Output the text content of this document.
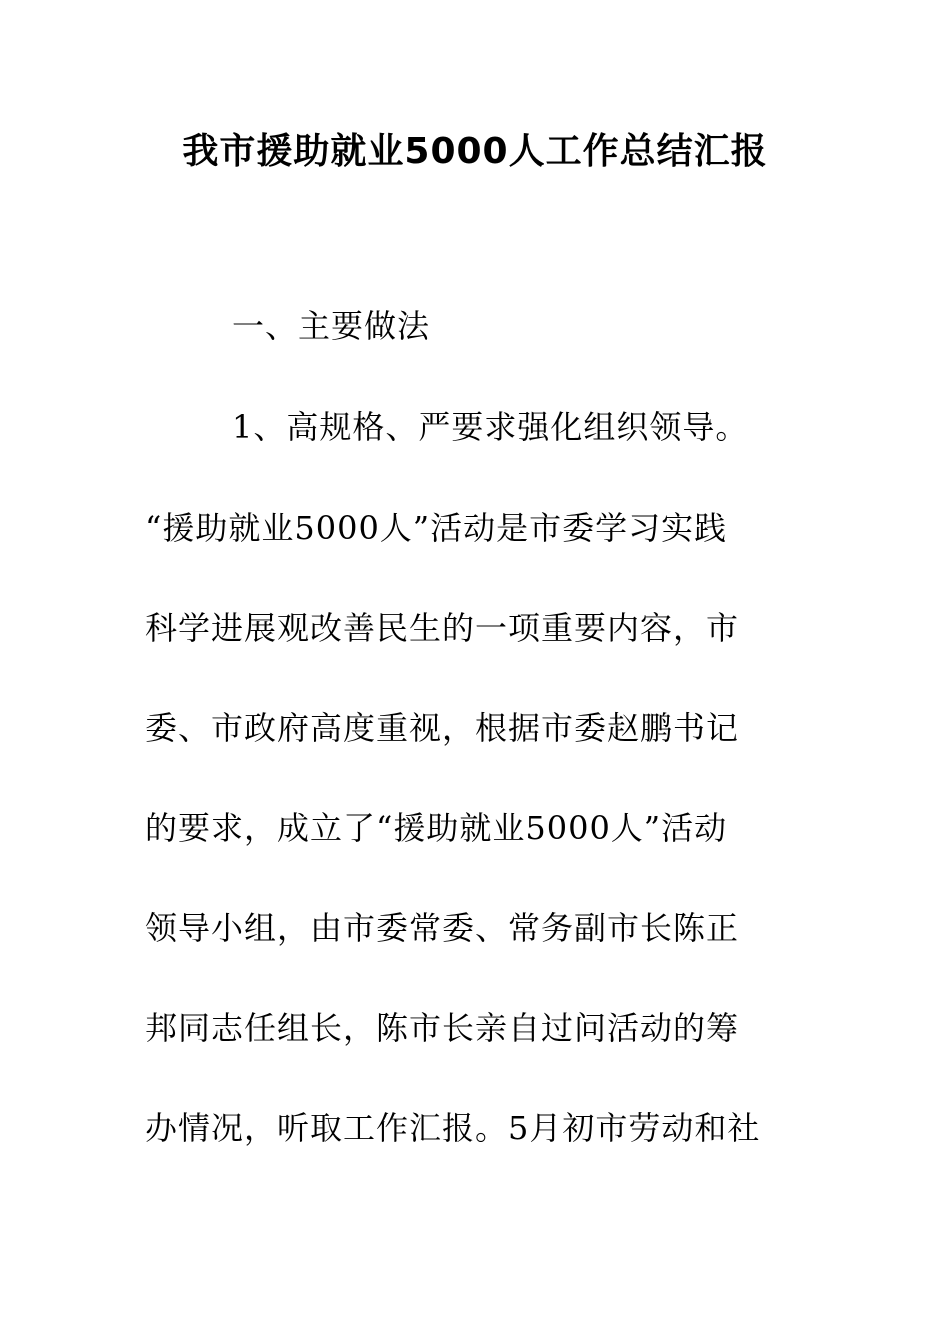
我市援助就业5000人工作总结汇报
一、主要做法
1、高规格、严要求强化组织领导。
“援助就业5000人”活动是市委学习实践
科学进展观改善民生的一项重要内容，市
委、市政府高度重视，根据市委赵鹏书记
的要求，成立了“援助就业5000人”活动
领导小组，由市委常委、常务副市长陈正
邦同志任组长，陈市长亲自过问活动的筹
办情况，听取工作汇报。5月初市劳动和社
